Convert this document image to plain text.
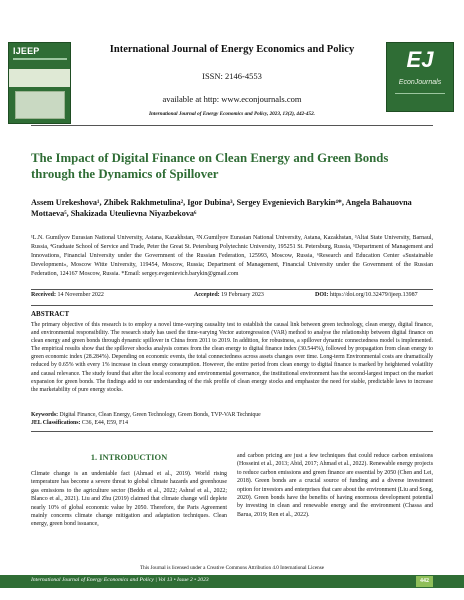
IJEEP	International Journal of Energy Economics and Policy
ISSN: 2146-4553
available at http: www.econjournals.com
International Journal of Energy Economics and Policy, 2023, 13(2), 442-452.
EJ
EconJournals
The Impact of Digital Finance on Clean Energy and Green Bonds through the Dynamics of Spillover
Assem Urekeshova¹, Zhibek Rakhmetulina², Igor Dubina³, Sergey Evgenievich Barykin⁴*, Angela Bahauovna Mottaeva⁵, Shakizada Uteulievna Niyazbekova⁶
¹L.N. Gumilyov Eurasian National University, Astana, Kazakhstan, ²N.Gumilyov Eurasian National University, Astana, Kazakhstan, ³Altai State University, Barnaul, Russia, ⁴Graduate School of Service and Trade, Peter the Great St. Petersburg Polytechnic University, 195251 St. Petersburg, Russia, ⁵Department of Management and Innovations, Financial University under the Government of the Russian Federation, 125993, Moscow, Russia, ⁶Research and Education Center «Sustainable Development», Moscow Witte University, 119454, Moscow, Russia; Department of Management, Financial University under the Government of the Russian Federation, 124167 Moscow, Russia. *Email: sergey.evgenievich.barykin@gmail.com
Received: 14 November 2022	Accepted: 19 February 2023	DOI: https://doi.org/10.32479/ijeep.13987
ABSTRACT

The primary objective of this research is to employ a novel time-varying causality test to establish the causal link between green technology, clean energy, digital finance, and environmental responsibility. The research study has used the time-varying Vector autoregression (VAR) method to analyse the relationship between digital finance on clean energy and green bonds through dynamic spillover in China from 2011 to 2019. In addition, for robustness, a spillover dynamic connectedness model is implemented. The empirical results show that the spillover shocks analysis comes from the clean energy to digital finance index (30.544%), followed by propagation from clean energy to green economic index (28.284%). Depending on economic events, the total connectedness across assets changes over time. Long-term Environmental costs are dramatically reduced by 0.65% with every 1% increase in clean energy consumption. However, the entire period from clean energy to digital finance is marked by heightened volatility and causal relevance. The study found that after the local economy and environmental governance, the institutional environment has the second-largest impact on the market expansion for green bonds. The findings add to our understanding of the risk profile of clean energy stocks and emphasize the need for stable, predictable laws to increase the marketability of pure energy stocks.

Keywords: Digital Finance, Clean Energy, Green Technology, Green Bonds, TVP-VAR Technique
JEL Classifications: C36, E44, E59, F14
1. INTRODUCTION

Climate change is an undeniable fact (Ahmad et al., 2019). World rising temperature has become a severe threat to global climate hazards and greenhouse gas emissions to the agriculture sector (Beddu et al., 2022; Ashraf et al., 2022; Blanco et al., 2021). Liu and Zhu (2019) claimed that climate change will deplete nearly 10% of global economic value by 2050. Therefore, the Paris Agreement mainly concerns climate change mitigation and adaptation techniques. Clean energy, green bond issuance,

and carbon pricing are just a few techniques that could reduce carbon emissions (Hosseini et al., 2013; Abid, 2017; Ahmad et al., 2022). Renewable energy projects to reduce carbon emissions and green finance are essential by 2050 (Chen and Lei, 2018). Green bonds are a crucial source of funding and a diverse investment option for investors and enterprises that care about the environment (Liu and Song, 2020). Green bonds have the benefits of having enormous development potential by investing in clean and renewable energy and the environment (Chassa and Barua, 2019; Ren et al., 2022).

This Journal is licensed under a Creative Commons Attribution 4.0 International License
International Journal of Energy Economics and Policy | Vol 13 • Issue 2 • 2023	442
